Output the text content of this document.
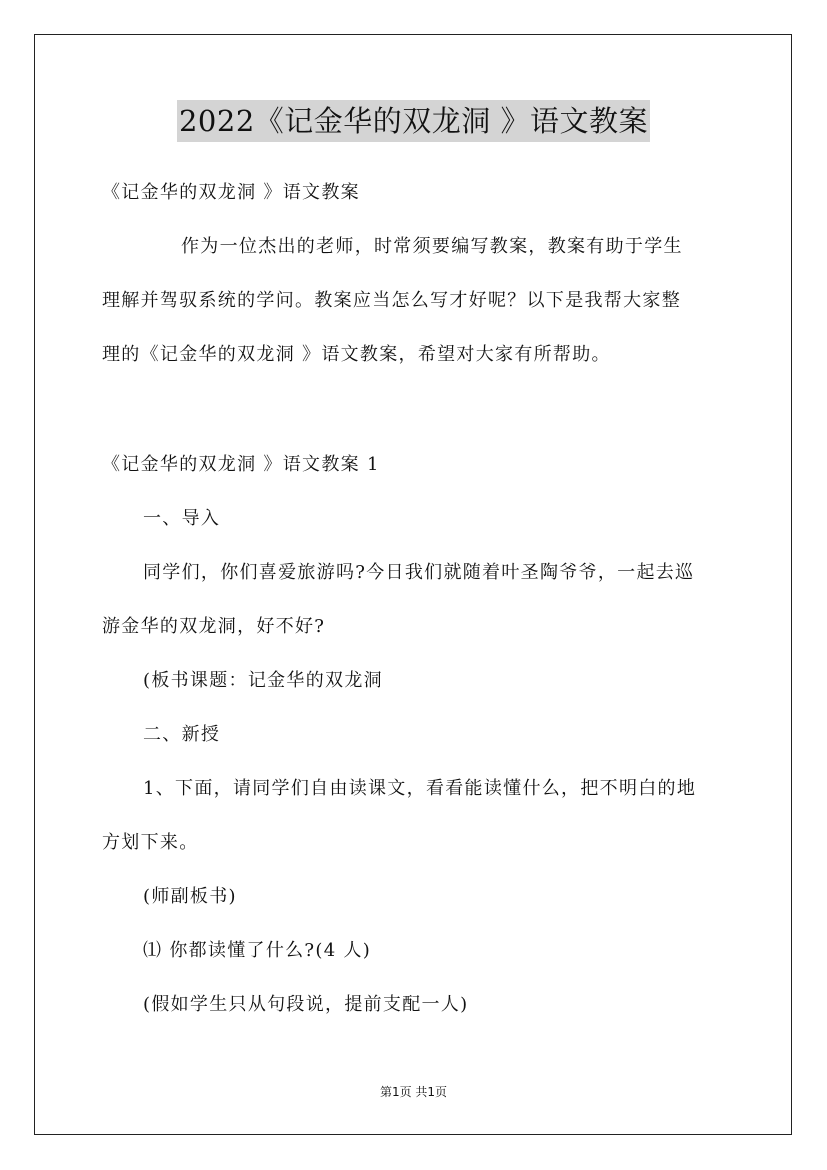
2022《记金华的双龙洞 》语文教案
《记金华的双龙洞 》语文教案
作为一位杰出的老师，时常须要编写教案，教案有助于学生
理解并驾驭系统的学问。教案应当怎么写才好呢？以下是我帮大家整
理的《记金华的双龙洞 》语文教案，希望对大家有所帮助。
《记金华的双龙洞 》语文教案 1
一、导入
同学们，你们喜爱旅游吗?今日我们就随着叶圣陶爷爷，一起去巡
游金华的双龙洞，好不好?
(板书课题：记金华的双龙洞
二、新授
1、下面，请同学们自由读课文，看看能读懂什么，把不明白的地
方划下来。
(师副板书)
⑴ 你都读懂了什么?(4 人)
(假如学生只从句段说，提前支配一人)
第1页 共1页
